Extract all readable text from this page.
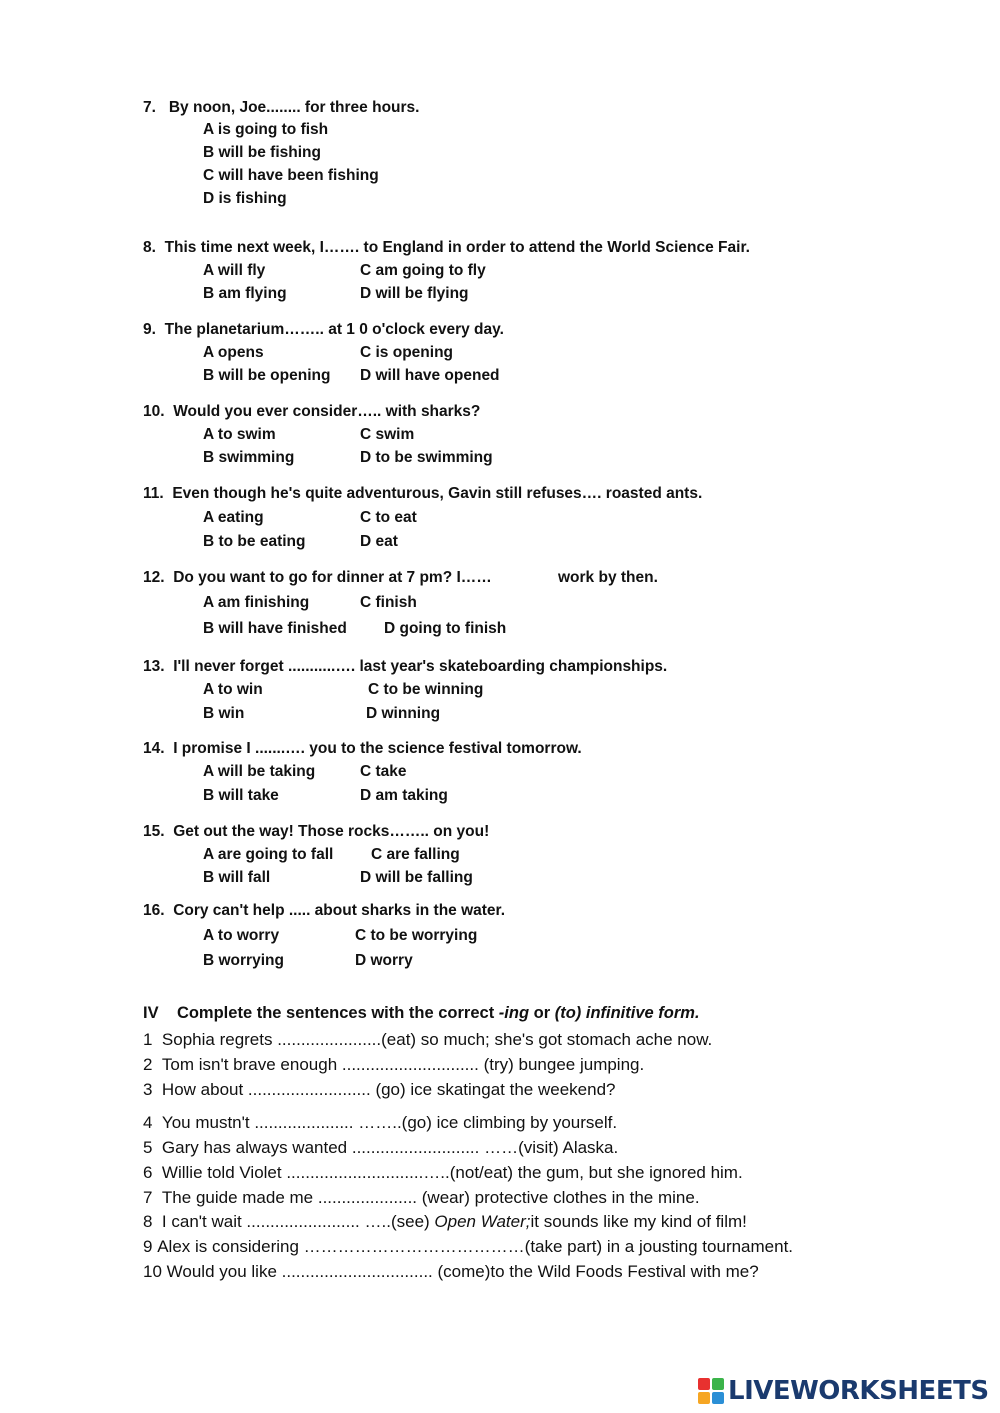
7. By noon, Joe........ for three hours.
A is going to fish
B will be fishing
C will have been fishing
D is fishing
8. This time next week, I……. to England in order to attend the World Science Fair.
A will fly	C am going to fly
B am flying	D will be flying
9. The planetarium…….. at 1 0 o'clock every day.
A opens	C is opening
B will be opening D will have opened
10. Would you ever consider….. with sharks?
A to swim	C swim
B swimming	D to be swimming
11. Even though he's quite adventurous, Gavin still refuses…. roasted ants.
A eating	C to eat
B to be eating	D eat
12. Do you want to go for dinner at 7 pm? I……	work by then.
A am finishing	C finish
B will have finished D going to finish
13. I'll never forget ...........…. last year's skateboarding championships.
A to win	C to be winning
B win	D winning
14. I promise I .......…. you to the science festival tomorrow.
A will be taking	C take
B will take	D am taking
15. Get out the way! Those rocks…….. on you!
A are going to fall C are falling
B will fall	D will be falling
16. Cory can't help ..... about sharks in the water.
A to worry	C to be worrying
B worrying	D worry
IV Complete the sentences with the correct -ing or (to) infinitive form.
1 Sophia regrets ......................(eat) so much; she's got stomach ache now.
2 Tom isn't brave enough ............................. (try) bungee jumping.
3 How about .......................... (go) ice skatingat the weekend?
4 You mustn't ..................... ……..(go) ice climbing by yourself.
5 Gary has always wanted ........................... ……(visit) Alaska.
6 Willie told Violet .............................…..(not/eat) the gum, but she ignored him.
7 The guide made me ..................... (wear) protective clothes in the mine.
8 I can't wait ........................ …..(see) Open Water;it sounds like my kind of film!
9 Alex is considering …………………………………(take part) in a jousting tournament.
10 Would you like ................................ (come)to the Wild Foods Festival with me?
LIVEWORKSHEETS
